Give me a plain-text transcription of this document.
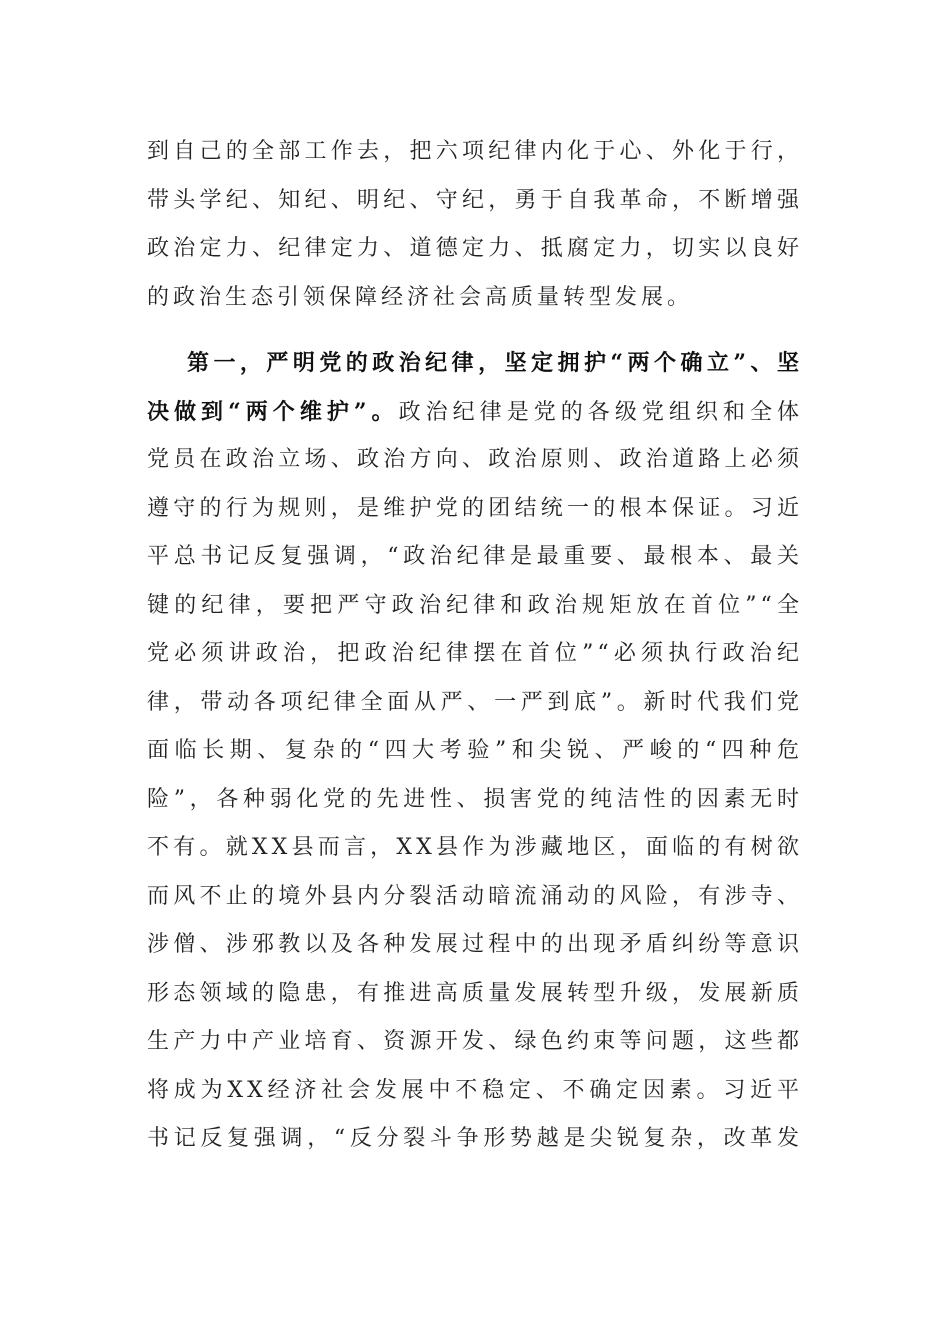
到自己的全部工作去，把六项纪律内化于心、外化于行，
带头学纪、知纪、明纪、守纪，勇于自我革命，不断增强
政治定力、纪律定力、道德定力、抵腐定力，切实以良好
的政治生态引领保障经济社会高质量转型发展。
第一，严明党的政治纪律，坚定拥护“两个确立”、坚
决做到“两个维护”。政治纪律是党的各级党组织和全体
党员在政治立场、政治方向、政治原则、政治道路上必须
遵守的行为规则，是维护党的团结统一的根本保证。习近
平总书记反复强调，“政治纪律是最重要、最根本、最关
键的纪律，要把严守政治纪律和政治规矩放在首位”“全
党必须讲政治，把政治纪律摆在首位”“必须执行政治纪
律，带动各项纪律全面从严、一严到底”。新时代我们党
面临长期、复杂的“四大考验”和尖锐、严峻的“四种危
险”，各种弱化党的先进性、损害党的纯洁性的因素无时
不有。就XX县而言，XX县作为涉藏地区，面临的有树欲
而风不止的境外县内分裂活动暗流涌动的风险，有涉寺、
涉僧、涉邪教以及各种发展过程中的出现矛盾纠纷等意识
形态领域的隐患，有推进高质量发展转型升级，发展新质
生产力中产业培育、资源开发、绿色约束等问题，这些都
将成为XX经济社会发展中不稳定、不确定因素。习近平
书记反复强调，“反分裂斗争形势越是尖锐复杂，改革发
